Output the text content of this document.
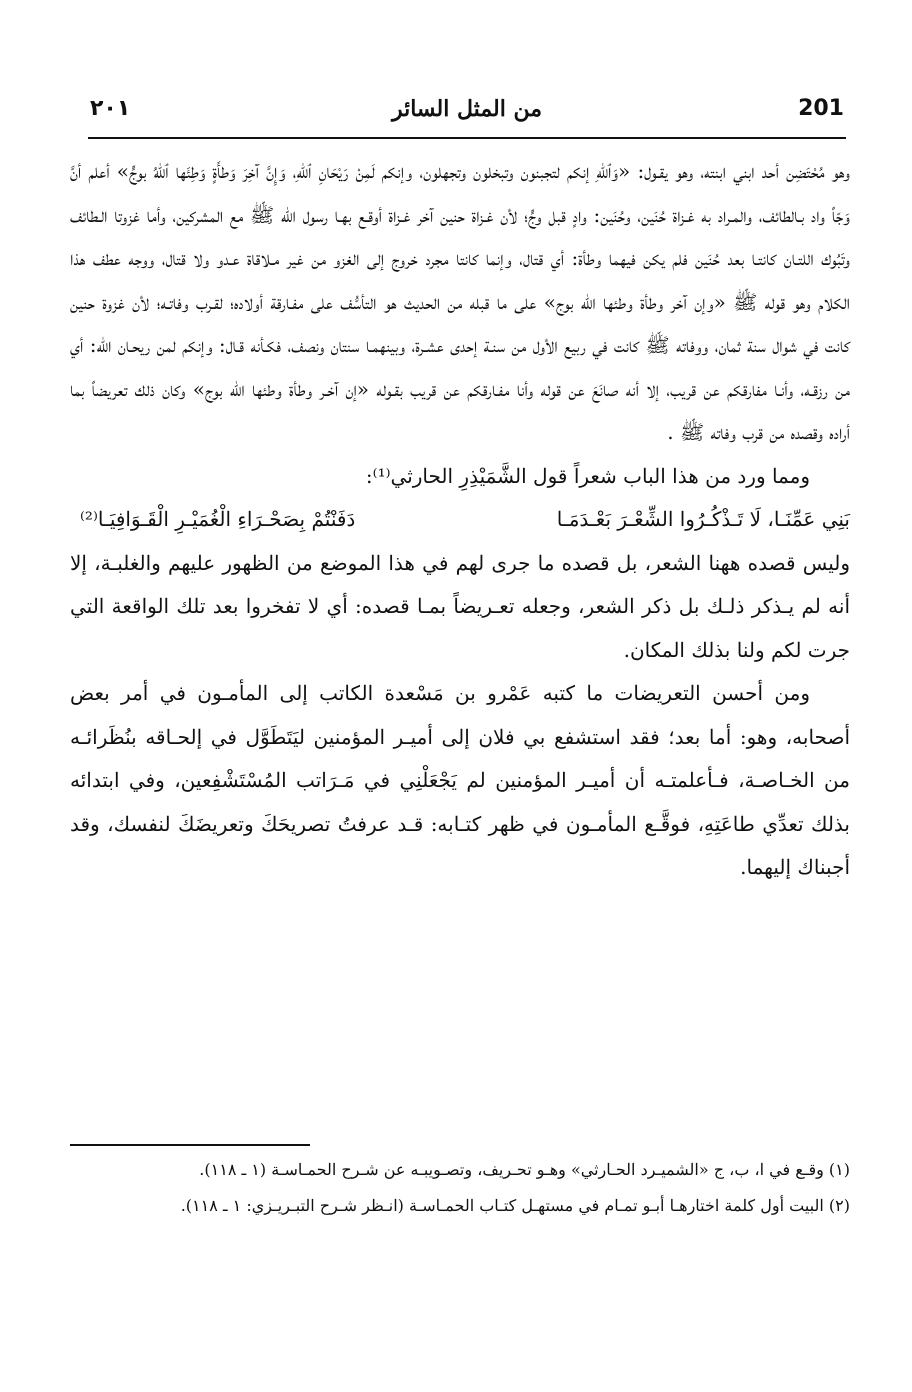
201
من المثل السائر
٢٠١

وهو مُحْتَضِن أحد ابني ابنته، وهو يقـول: «وَٱللهِ إنكم لتجبنون وتبخلون وتجهلون، وإنكم لَمِنْ رَيْحَانِ ٱللهِ، وَإِنَّ آخِرَ وَطأَةٍ وَطِئَها ٱللهُ بوجٍّ» أعلم أنَّ وَجّاً واد بـالطائف، والمـراد به غـزاة حُنَين، وحُنَين: وادٍ قبل وجٍّ؛ لأن غـزاة حنين آخر غـزاة أوقـع بهـا رسول الله ﷺ مع المشركين، وأما غزوتا الـطائف وتَبُوك اللتـان كانتـا بعد حُنَين فلم يكن فيهما وطأة: أي قتال، وإنما كانتا مجرد خروج إلى الغزو من غير مـلاقاة عـدو ولا قتال، ووجه عطف هذا الكلام وهو قوله ﷺ «وإن آخر وطأة وطئها الله بوج» على ما قبله من الحديث هو التأسُّف على مفـارقة أولاده؛ لقـرب وفاتـه؛ لأن غزوة حنين كانت في شوال سنة ثمان، ووفاته ﷺ كانت في ربيع الأول من سنـة إحدى عشـرة، وبينهمـا سنتان ونصف، فكـأنه قـال: وإنكم لمن ريحـان الله: أي من رزقـه، وأنـا مفارقكم عن قريب، إلا أنه صانَعَ عن قوله وأنا مفـارقكم عن قريب بقـوله «إن آخـر وطأة وطئها الله بوج» وكان ذلك تعريضاً بما أراده وقصده من قرب وفاته ﷺ .

ومما ورد من هذا الباب شعراً قول الشَّمَيْذِرِ الحارثي⁽¹⁾:

بَنِي عَمِّنَـا، لَا تَـذْكُـرُوا الشِّعْـرَ بَعْـدَمَـا
دَفَنْتُمْ بِصَحْـرَاءِ الْغُمَيْـرِ الْقَـوَافِيَـا⁽²⁾

وليس قصده ههنا الشعر، بل قصده ما جرى لهم في هذا الموضع من الظهور عليهم والغلبـة، إلا أنه لم يـذكر ذلـك بل ذكر الشعر، وجعله تعـريضاً بمـا قصده: أي لا تفخروا بعد تلك الواقعة التي جرت لكم ولنا بذلك المكان.

ومن أحسن التعريضات ما كتبه عَمْرو بن مَسْعدة الكاتب إلى المأمـون في أمر بعض أصحابه، وهو: أما بعد؛ فقد استشفع بي فلان إلى أميـر المؤمنين ليَتَطَوَّل في إلحـاقه بنُظَرائـه من الخـاصـة، فـأعلمتـه أن أميـر المؤمنين لم يَجْعَلْنِي في مَـرَاتب المُسْتَشْفِعين، وفي ابتدائه بذلك تعدِّي طاعَتِهِ، فوقَّـع المأمـون في ظهر كتـابه: قـد عرفتُ تصريحَكَ وتعريضَكَ لنفسك، وقد أجبناك إليهما.

(١) وقـع في ا، ب، ج «الشميـرد الحـارثي» وهـو تحـريف، وتصـويبـه عن شـرح الحمـاسـة (١ ـ ١١٨).

(٢) البيت أول كلمة اختارهـا أبـو تمـام في مستهـل كتـاب الحمـاسـة (انـظر شـرح التبـريـزي: ١ ـ ١١٨).
